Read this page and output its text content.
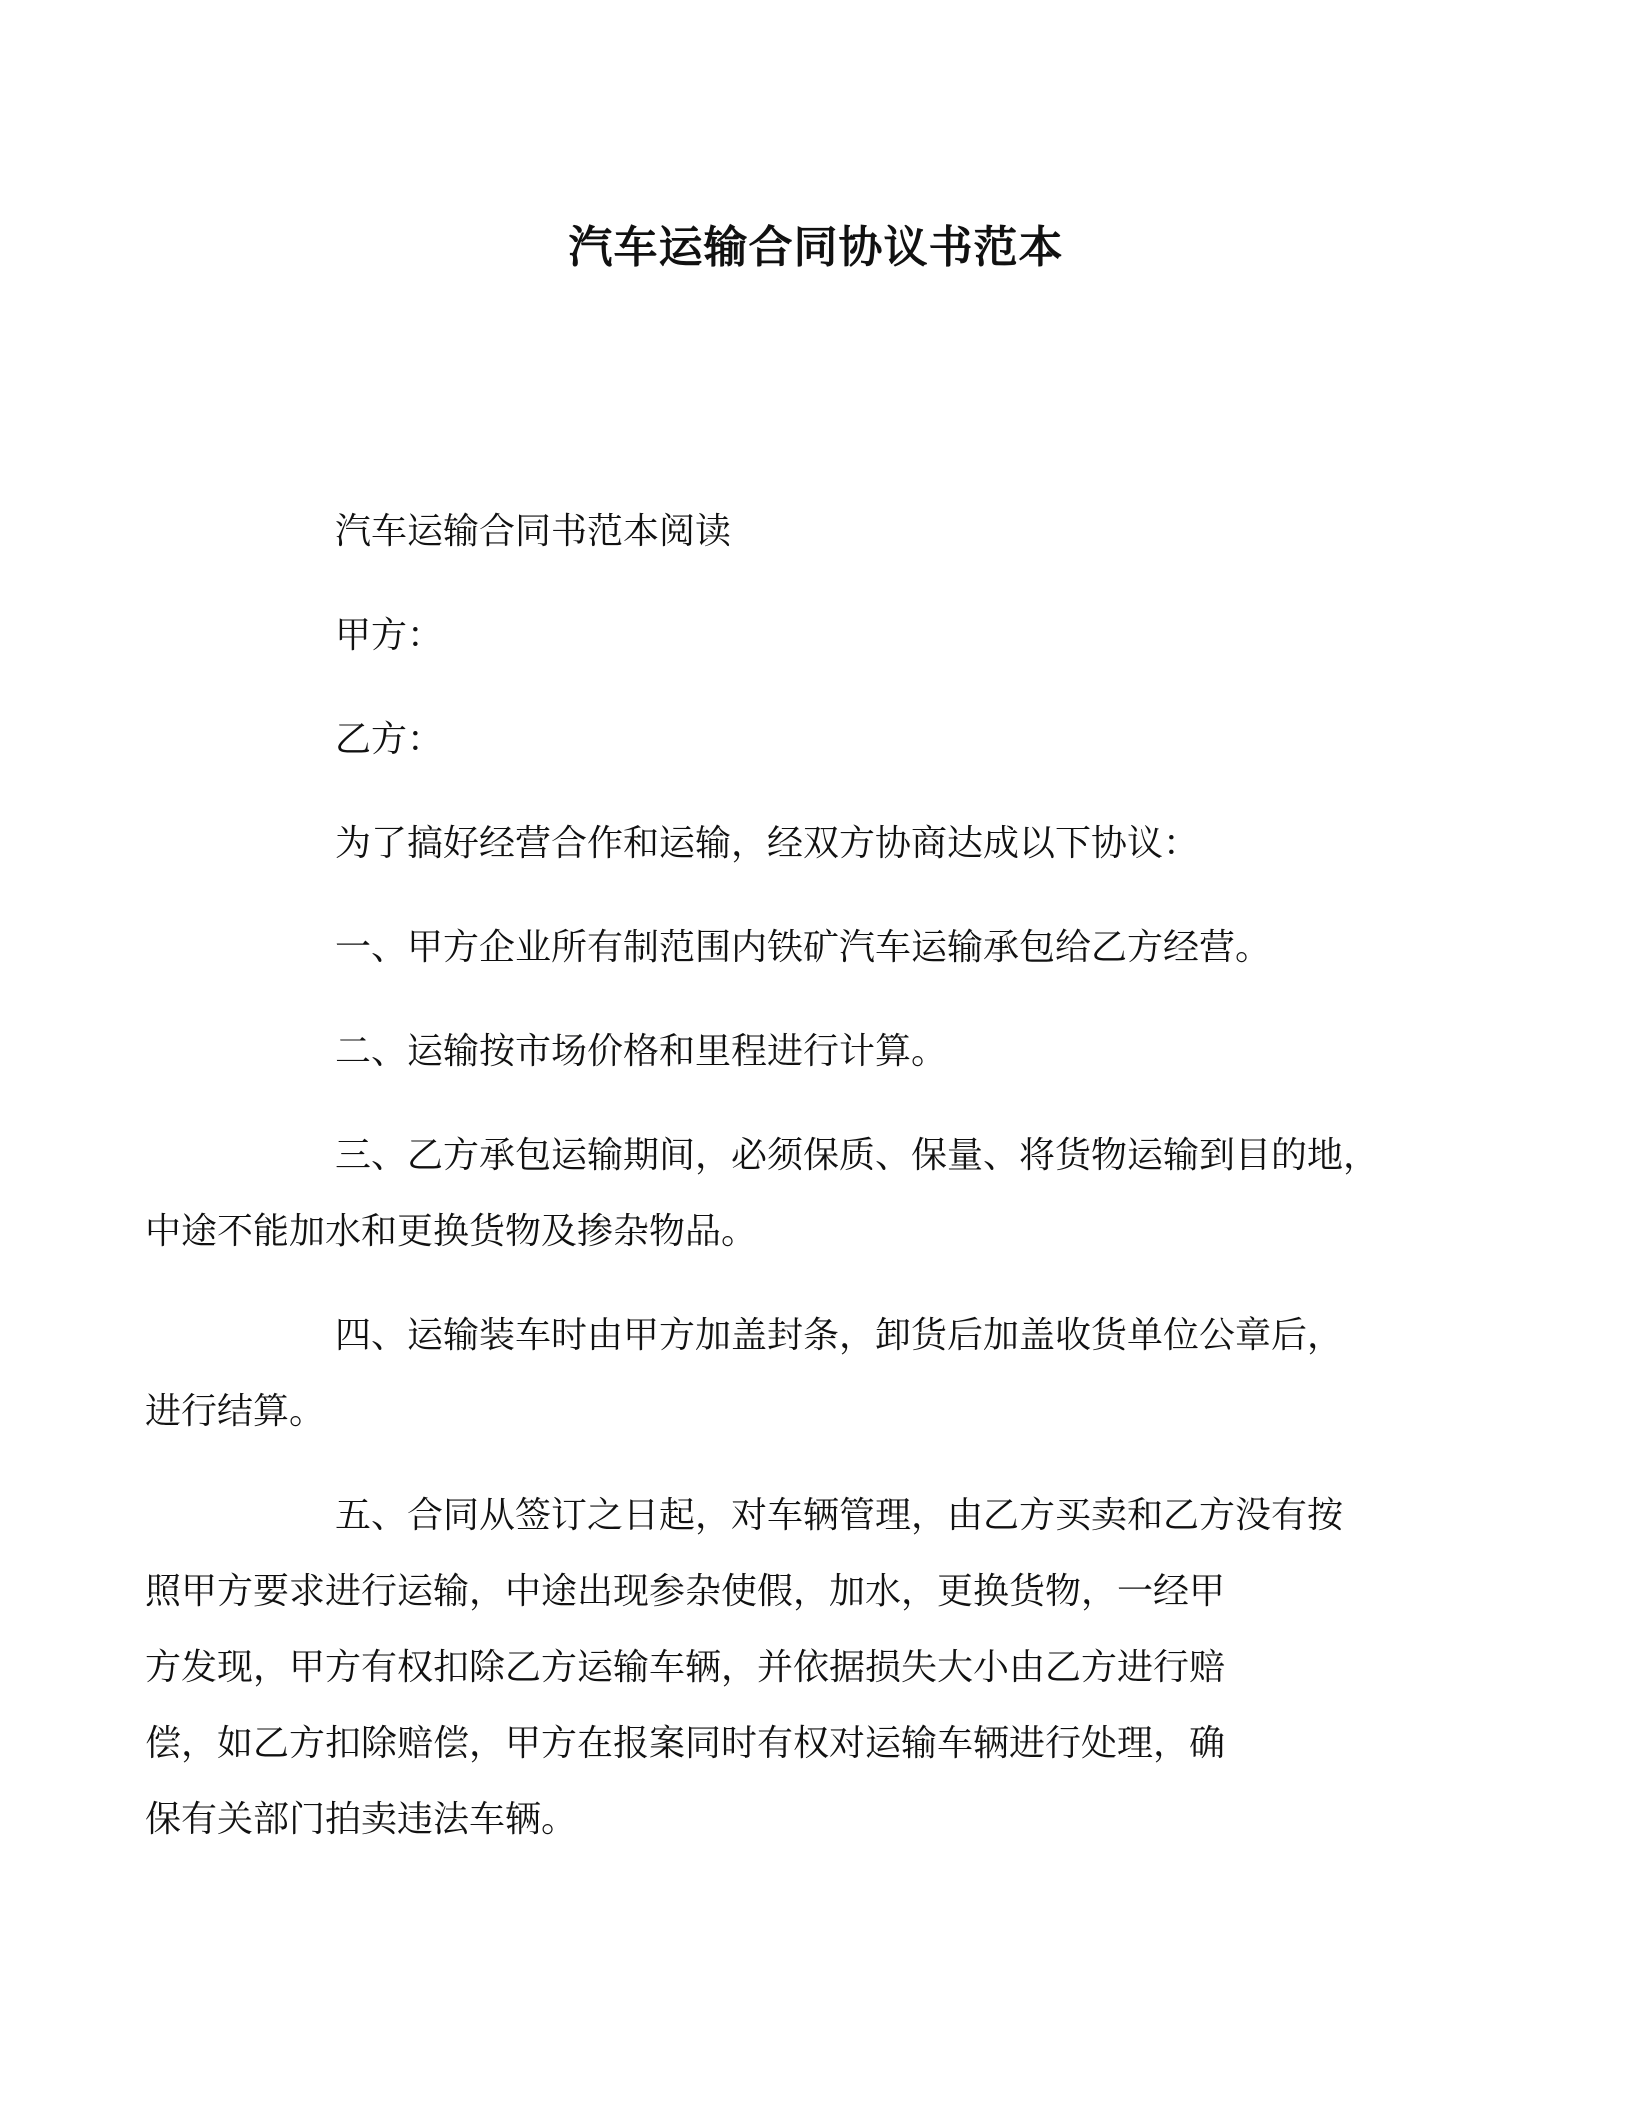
汽车运输合同协议书范本

汽车运输合同书范本阅读

甲方：

乙方：

为了搞好经营合作和运输，经双方协商达成以下协议：

一、甲方企业所有制范围内铁矿汽车运输承包给乙方经营。

二、运输按市场价格和里程进行计算。

三、乙方承包运输期间，必须保质、保量、将货物运输到目的地，
中途不能加水和更换货物及掺杂物品。

四、运输装车时由甲方加盖封条，卸货后加盖收货单位公章后，
进行结算。

五、合同从签订之日起，对车辆管理，由乙方买卖和乙方没有按
照甲方要求进行运输，中途出现参杂使假，加水，更换货物，一经甲
方发现，甲方有权扣除乙方运输车辆，并依据损失大小由乙方进行赔
偿，如乙方扣除赔偿，甲方在报案同时有权对运输车辆进行处理，确
保有关部门拍卖违法车辆。
